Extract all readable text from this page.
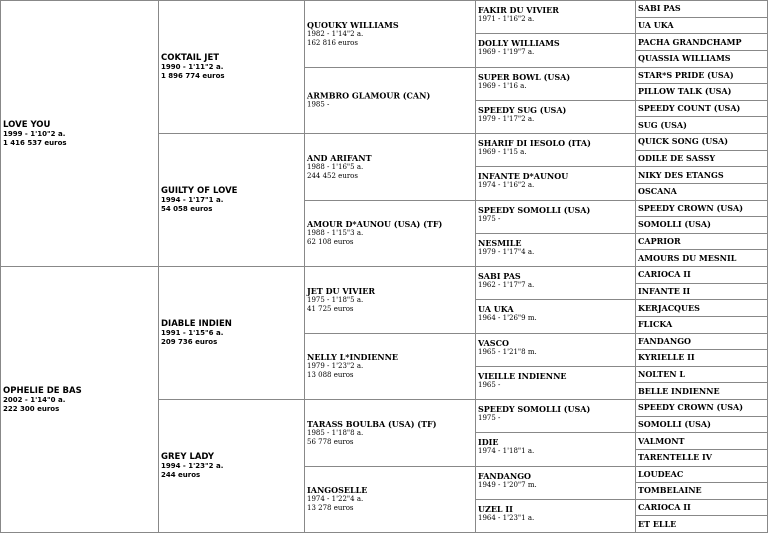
LOVE YOU
1999 - 1'10"2 a.
1 416 537 euros
OPHELIE DE BAS
2002 - 1'14"0 a.
222 300 euros
COKTAIL JET
1990 - 1'11"2 a.
1 896 774 euros
GUILTY OF LOVE
1994 - 1'17"1 a.
54 058 euros
DIABLE INDIEN
1991 - 1'15"6 a.
209 736 euros
GREY LADY
1994 - 1'23"2 a.
244 euros
QUOUKY WILLIAMS
1982 - 1'14"2 a.
162 816 euros
ARMBRO GLAMOUR (CAN)
1985 -
AND ARIFANT
1988 - 1'16"5 a.
244 452 euros
AMOUR D*AUNOU (USA) (TF)
1988 - 1'15"3 a.
62 108 euros
JET DU VIVIER
1975 - 1'18"5 a.
41 725 euros
NELLY L*INDIENNE
1979 - 1'23"2 a.
13 088 euros
TARASS BOULBA (USA) (TF)
1985 - 1'18"8 a.
56 778 euros
IANGOSELLE
1974 - 1'22"4 a.
13 278 euros
FAKIR DU VIVIER
1971 - 1'16"2 a.
DOLLY WILLIAMS
1969 - 1'19"7 a.
SUPER BOWL (USA)
1969 - 1'16 a.
SPEEDY SUG (USA)
1979 - 1'17"2 a.
SHARIF DI IESOLO (ITA)
1969 - 1'15 a.
INFANTE D*AUNOU
1974 - 1'16"2 a.
SPEEDY SOMOLLI (USA)
1975 -
NESMILE
1979 - 1'17"4 a.
SABI PAS
1962 - 1'17"7 a.
UA UKA
1964 - 1'26"9 m.
VASCO
1965 - 1'21"8 m.
VIEILLE INDIENNE
1965 -
SPEEDY SOMOLLI (USA)
1975 -
IDIE
1974 - 1'18"1 a.
FANDANGO
1949 - 1'20"7 m.
UZEL II
1964 - 1'23"1 a.
SABI PAS
UA UKA
PACHA GRANDCHAMP
QUASSIA WILLIAMS
STAR*S PRIDE (USA)
PILLOW TALK (USA)
SPEEDY COUNT (USA)
SUG (USA)
QUICK SONG (USA)
ODILE DE SASSY
NIKY DES ETANGS
OSCANA
SPEEDY CROWN (USA)
SOMOLLI (USA)
CAPRIOR
AMOURS DU MESNIL
CARIOCA II
INFANTE II
KERJACQUES
FLICKA
FANDANGO
KYRIELLE II
NOLTEN L
BELLE INDIENNE
SPEEDY CROWN (USA)
SOMOLLI (USA)
VALMONT
TARENTELLE IV
LOUDEAC
TOMBELAINE
CARIOCA II
ET ELLE
